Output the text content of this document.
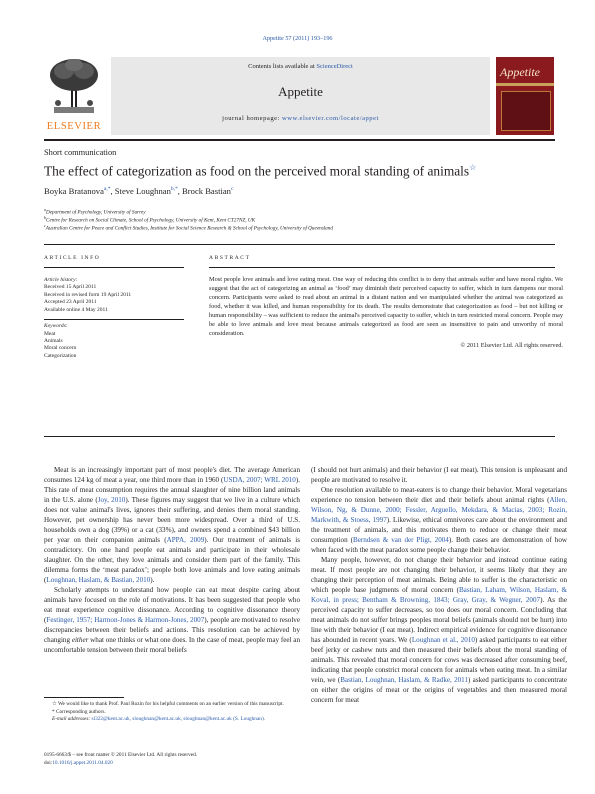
Appetite 57 (2011) 193–196
ELSEVIER
Contents lists available at ScienceDirect
Appetite
journal homepage: www.elsevier.com/locate/appet
Appetite
Short communication
The effect of categorization as food on the perceived moral standing of animals☆
Boyka Bratanova$^{a,*}$, Steve Loughnan$^{b,*}$, Brock Bastian$^c$
$^a$Department of Psychology, University of Surrey
$^b$Centre for Research on Social Climate, School of Psychology, University of Kent, Kent CT27NZ, UK
$^c$Australian Centre for Peace and Conflict Studies, Institute for Social Science Research & School of Psychology, University of Queensland
ARTICLE INFO	ABSTRACT
Article history:
Received 15 April 2011
Received in revised form 19 April 2011
Accepted 23 April 2011
Available online 4 May 2011
Keywords:
Meat
Animals
Moral concern
Categorization
Most people love animals and love eating meat. One way of reducing this conflict is to deny that animals suffer and have moral rights. We suggest that the act of categorizing an animal as ‘food’ may diminish their perceived capacity to suffer, which in turn dampens our moral concern. Participants were asked to read about an animal in a distant nation and we manipulated whether the animal was categorized as food, whether it was killed, and human responsibility for its death. The results demonstrate that categorization as food – but not killing or human responsibility – was sufficient to reduce the animal's perceived capacity to suffer, which in turn restricted moral concern. People may be able to love animals and love meat because animals categorized as food are seen as insensitive to pain and unworthy of moral consideration.
© 2011 Elsevier Ltd. All rights reserved.

Meat is an increasingly important part of most people's diet. The average American consumes 124 kg of meat a year, one third more than in 1960 (USDA, 2007; WRL 2010). This rate of meat consumption requires the annual slaughter of nine billion land animals in the U.S. alone (Joy, 2010). These figures may suggest that we live in a culture which does not value animal's lives, ignores their suffering, and denies them moral standing. However, pet ownership has never been more widespread. Over a third of U.S. households own a dog (39%) or a cat (33%), and owners spend a combined $43 billion per year on their companion animals (APPA, 2009). Our treatment of animals is contradictory. On one hand people eat animals and participate in their wholesale slaughter. On the other, they love animals and consider them part of the family. This dilemma forms the ‘meat paradox’; people both love animals and love eating animals (Loughnan, Haslam, & Bastian, 2010).

Scholarly attempts to understand how people can eat meat despite caring about animals have focused on the role of motivations. It has been suggested that people who eat meat experience cognitive dissonance. According to cognitive dissonance theory (Festinger, 1957; Harmon-Jones & Harmon-Jones, 2007), people are motivated to resolve discrepancies between their beliefs and actions. This resolution can be achieved by changing either what one thinks or what one does. In the case of meat, people may feel an uncomfortable tension between their moral beliefs

(I should not hurt animals) and their behavior (I eat meat). This tension is unpleasant and people are motivated to resolve it.

One resolution available to meat-eaters is to change their behavior. Moral vegetarians experience no tension between their diet and their beliefs about animal rights (Allen, Wilson, Ng, & Dunne, 2000; Fessler, Arguello, Mekdara, & Macias, 2003; Rozin, Markwith, & Stoess, 1997). Likewise, ethical omnivores care about the environment and the treatment of animals, and this motivates them to reduce or change their meat consumption (Berndsen & van der Pligt, 2004). Both cases are demonstration of how when faced with the meat paradox some people change their behavior.

Many people, however, do not change their behavior and instead continue eating meat. If most people are not changing their behavior, it seems likely that they are changing their perception of meat animals. Being able to suffer is the characteristic on which people base judgments of moral concern (Bastian, Laham, Wilson, Haslam, & Koval, in press; Bentham & Browning, 1843; Gray, Gray, & Wegner, 2007). As the perceived capacity to suffer decreases, so too does our moral concern. Concluding that meat animals do not suffer brings peoples moral beliefs (animals should not be hurt) into line with their behavior (I eat meat). Indirect empirical evidence for cognitive dissonance has abounded in recent years. We (Loughnan et al., 2010) asked participants to eat either beef jerky or cashew nuts and then measured their beliefs about the moral standing of animals. This revealed that moral concern for cows was decreased after consuming beef, indicating that people constrict moral concern for animals when eating meat. In a similar vein, we (Bastian, Loughnan, Haslam, & Radke, 2011) asked participants to concentrate on either the origins of meat or the origins of vegetables and then measured moral concern for meat

☆ We would like to thank Prof. Paul Rozin for his helpful comments on an earlier version of this manuscript.

* Corresponding authors.

E-mail addresses: sl322@kent.ac.uk, sloughnan@kent.ac.uk, sloughnan@kent.ac.uk (S. Loughnan).

0195-6663/$ – see front matter © 2011 Elsevier Ltd. All rights reserved.
doi:10.1016/j.appet.2011.04.020
